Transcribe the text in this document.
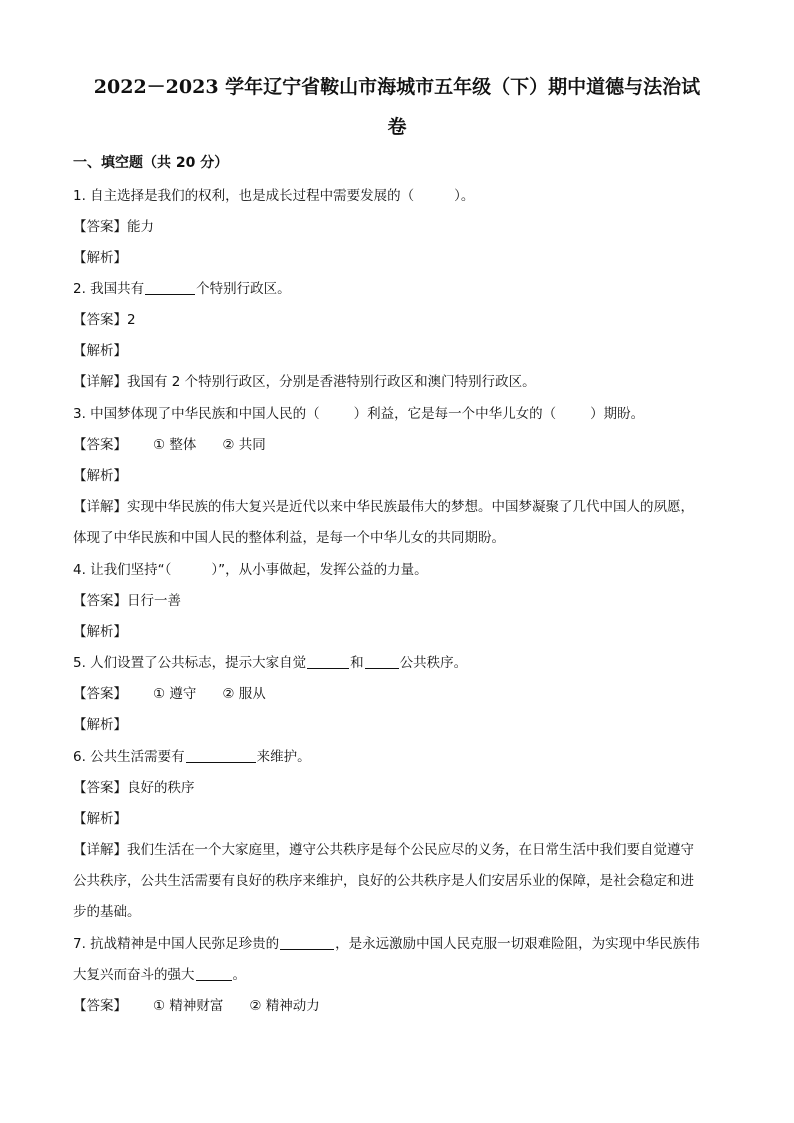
2022－2023 学年辽宁省鞍山市海城市五年级（下）期中道德与法治试
卷
一、填空题（共 20 分）
1. 自主选择是我们的权利，也是成长过程中需要发展的（	）。
【答案】能力
【解析】
2. 我国共有	个特别行政区。
【答案】2
【解析】
【详解】我国有 2 个特别行政区，分别是香港特别行政区和澳门特别行政区。
3. 中国梦体现了中华民族和中国人民的（	）利益，它是每一个中华儿女的（	）期盼。
【答案】 ① 整体 ② 共同
【解析】
【详解】实现中华民族的伟大复兴是近代以来中华民族最伟大的梦想。中国梦凝聚了几代中国人的夙愿，
体现了中华民族和中国人民的整体利益，是每一个中华儿女的共同期盼。
4. 让我们坚持“（	）”，从小事做起，发挥公益的力量。
【答案】日行一善
【解析】
5. 人们设置了公共标志，提示大家自觉	和	公共秩序。
【答案】 ① 遵守 ② 服从
【解析】
6. 公共生活需要有	来维护。
【答案】良好的秩序
【解析】
【详解】我们生活在一个大家庭里，遵守公共秩序是每个公民应尽的义务，在日常生活中我们要自觉遵守
公共秩序，公共生活需要有良好的秩序来维护，良好的公共秩序是人们安居乐业的保障，是社会稳定和进
步的基础。
7. 抗战精神是中国人民弥足珍贵的	，是永远激励中国人民克服一切艰难险阻，为实现中华民族伟
大复兴而奋斗的强大	。
【答案】 ① 精神财富 ② 精神动力
